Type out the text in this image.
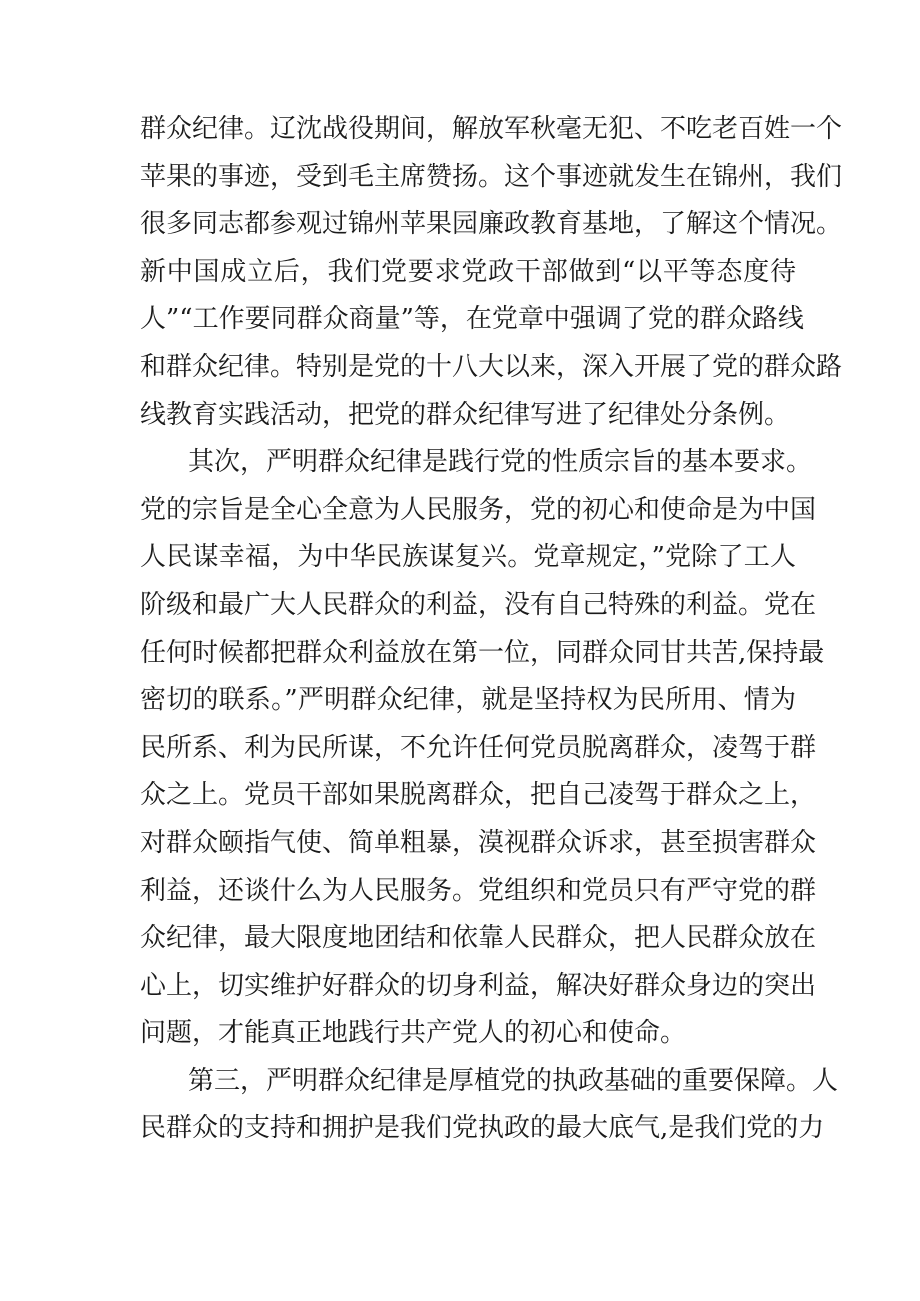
群众纪律。辽沈战役期间，解放军秋毫无犯、不吃老百姓一个
苹果的事迹，受到毛主席赞扬。这个事迹就发生在锦州，我们
很多同志都参观过锦州苹果园廉政教育基地，了解这个情况。
新中国成立后，我们党要求党政干部做到“以平等态度待
人”“工作要同群众商量”等，在党章中强调了党的群众路线
和群众纪律。特别是党的十八大以来，深入开展了党的群众路
线教育实践活动，把党的群众纪律写进了纪律处分条例。
其次，严明群众纪律是践行党的性质宗旨的基本要求。
党的宗旨是全心全意为人民服务，党的初心和使命是为中国
人民谋幸福，为中华民族谋复兴。党章规定，”党除了工人
阶级和最广大人民群众的利益，没有自己特殊的利益。党在
任何时候都把群众利益放在第一位，同群众同甘共苦,保持最
密切的联系。”严明群众纪律，就是坚持权为民所用、情为
民所系、利为民所谋，不允许任何党员脱离群众，凌驾于群
众之上。党员干部如果脱离群众，把自己凌驾于群众之上，
对群众颐指气使、简单粗暴，漠视群众诉求，甚至损害群众
利益，还谈什么为人民服务。党组织和党员只有严守党的群
众纪律，最大限度地团结和依靠人民群众，把人民群众放在
心上，切实维护好群众的切身利益，解决好群众身边的突出
问题，才能真正地践行共产党人的初心和使命。
第三，严明群众纪律是厚植党的执政基础的重要保障。人
民群众的支持和拥护是我们党执政的最大底气,是我们党的力
